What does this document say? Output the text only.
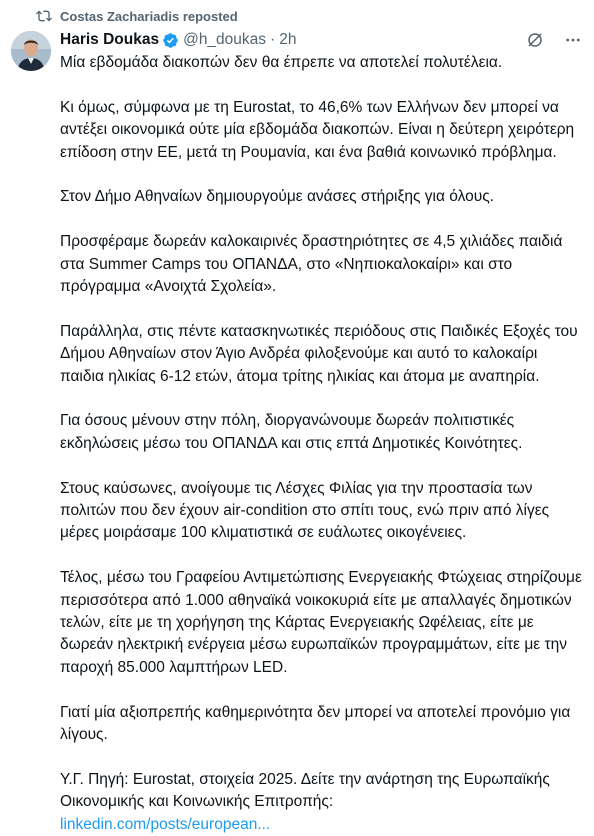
Costas Zachariadis reposted
Haris Doukas @h_doukas · 2h

Μία εβδομάδα διακοπών δεν θα έπρεπε να αποτελεί πολυτέλεια.

Κι όμως, σύμφωνα με τη Eurostat, το 46,6% των Ελλήνων δεν μπορεί να αντέξει οικονομικά ούτε μία εβδομάδα διακοπών. Είναι η δεύτερη χειρότερη επίδοση στην ΕΕ, μετά τη Ρουμανία, και ένα βαθιά κοινωνικό πρόβλημα.

Στον Δήμο Αθηναίων δημιουργούμε ανάσες στήριξης για όλους.

Προσφέραμε δωρεάν καλοκαιρινές δραστηριότητες σε 4,5 χιλιάδες παιδιά στα Summer Camps του ΟΠΑΝΔΑ, στο «Νηπιοκαλοκαίρι» και στο πρόγραμμα «Ανοιχτά Σχολεία».

Παράλληλα, στις πέντε κατασκηνωτικές περιόδους στις Παιδικές Εξοχές του Δήμου Αθηναίων στον Άγιο Ανδρέα φιλοξενούμε και αυτό το καλοκαίρι παιδια ηλικίας 6-12 ετών, άτομα τρίτης ηλικίας και άτομα με αναπηρία.

Για όσους μένουν στην πόλη, διοργανώνουμε δωρεάν πολιτιστικές εκδηλώσεις μέσω του ΟΠΑΝΔΑ και στις επτά Δημοτικές Κοινότητες.

Στους καύσωνες, ανοίγουμε τις Λέσχες Φιλίας για την προστασία των πολιτών που δεν έχουν air-condition στο σπίτι τους, ενώ πριν από λίγες μέρες μοιράσαμε 100 κλιματιστικά σε ευάλωτες οικογένειες.

Τέλος, μέσω του Γραφείου Αντιμετώπισης Ενεργειακής Φτώχειας στηρίζουμε περισσότερα από 1.000 αθηναϊκά νοικοκυριά είτε με απαλλαγές δημοτικών τελών, είτε με τη χορήγηση της Κάρτας Ενεργειακής Ωφέλειας, είτε με δωρεάν ηλεκτρική ενέργεια μέσω ευρωπαϊκών προγραμμάτων, είτε με την παροχή 85.000 λαμπτήρων LED.

Γιατί μία αξιοπρεπής καθημερινότητα δεν μπορεί να αποτελεί προνόμιο για λίγους.

Υ.Γ. Πηγή: Eurostat, στοιχεία 2025. Δείτε την ανάρτηση της Ευρωπαϊκής Οικονομικής και Κοινωνικής Επιτροπής:
linkedin.com/posts/european...
